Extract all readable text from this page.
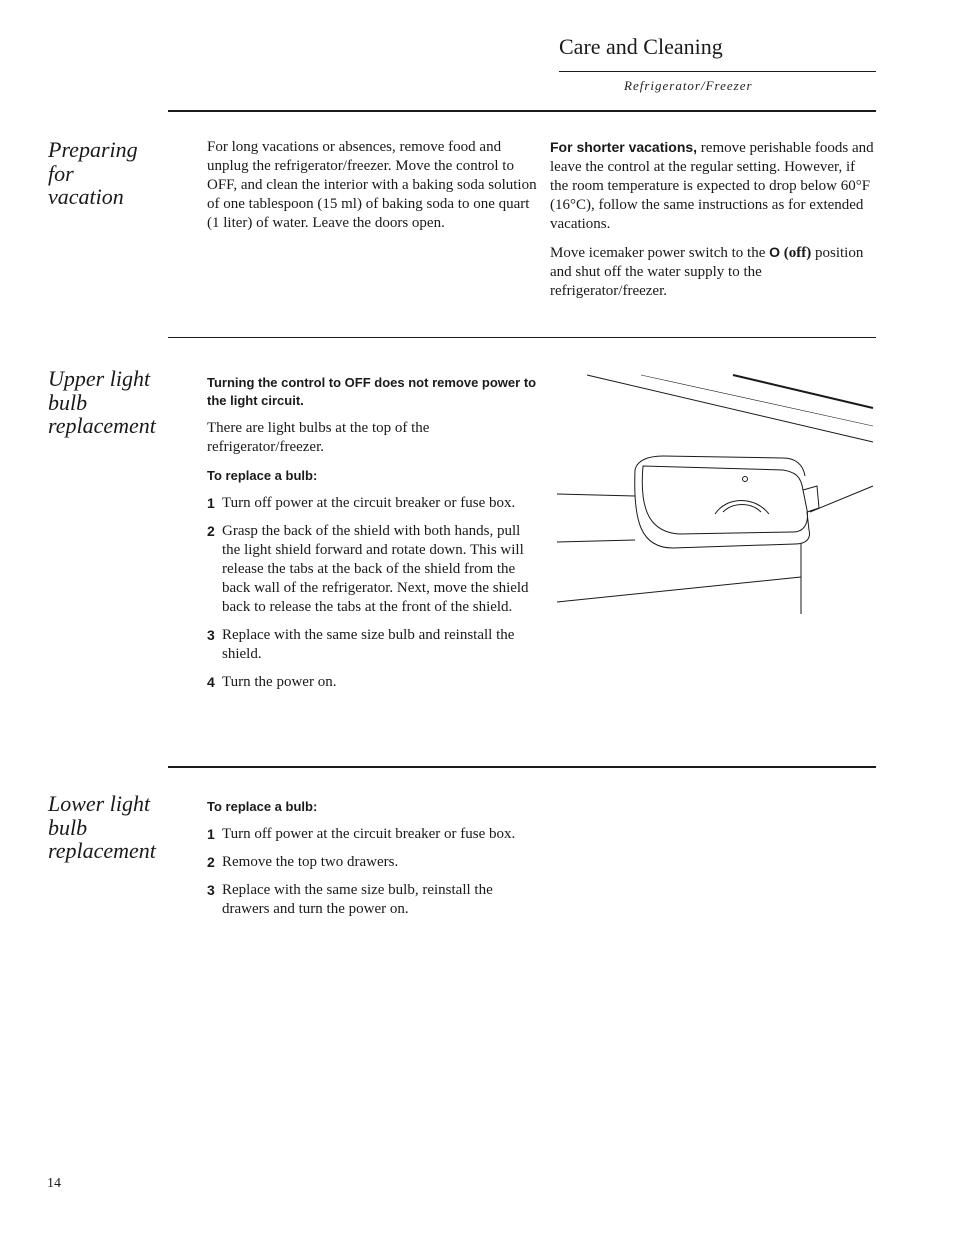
Care and Cleaning
Refrigerator/Freezer
Preparing
for
vacation

For long vacations or absences, remove food and unplug the refrigerator/freezer. Move the control to OFF, and clean the interior with a baking soda solution of one tablespoon (15 ml) of baking soda to one quart (1 liter) of water. Leave the doors open.

For shorter vacations, remove perishable foods and leave the control at the regular setting. However, if the room temperature is expected to drop below 60°F (16°C), follow the same instructions as for extended vacations.

Move icemaker power switch to the O (off) position and shut off the water supply to the refrigerator/freezer.

Upper light
bulb
replacement

Turning the control to OFF does not remove power to the light circuit.

There are light bulbs at the top of the refrigerator/freezer.

To replace a bulb:

1 Turn off power at the circuit breaker or fuse box.
2 Grasp the back of the shield with both hands, pull the light shield forward and rotate down. This will release the tabs at the back of the shield from the back wall of the refrigerator. Next, move the shield back to release the tabs at the front of the shield.
3 Replace with the same size bulb and reinstall the shield.
4 Turn the power on.
Lower light
bulb
replacement

To replace a bulb:

1 Turn off power at the circuit breaker or fuse box.
2 Remove the top two drawers.
3 Replace with the same size bulb, reinstall the drawers and turn the power on.
14
